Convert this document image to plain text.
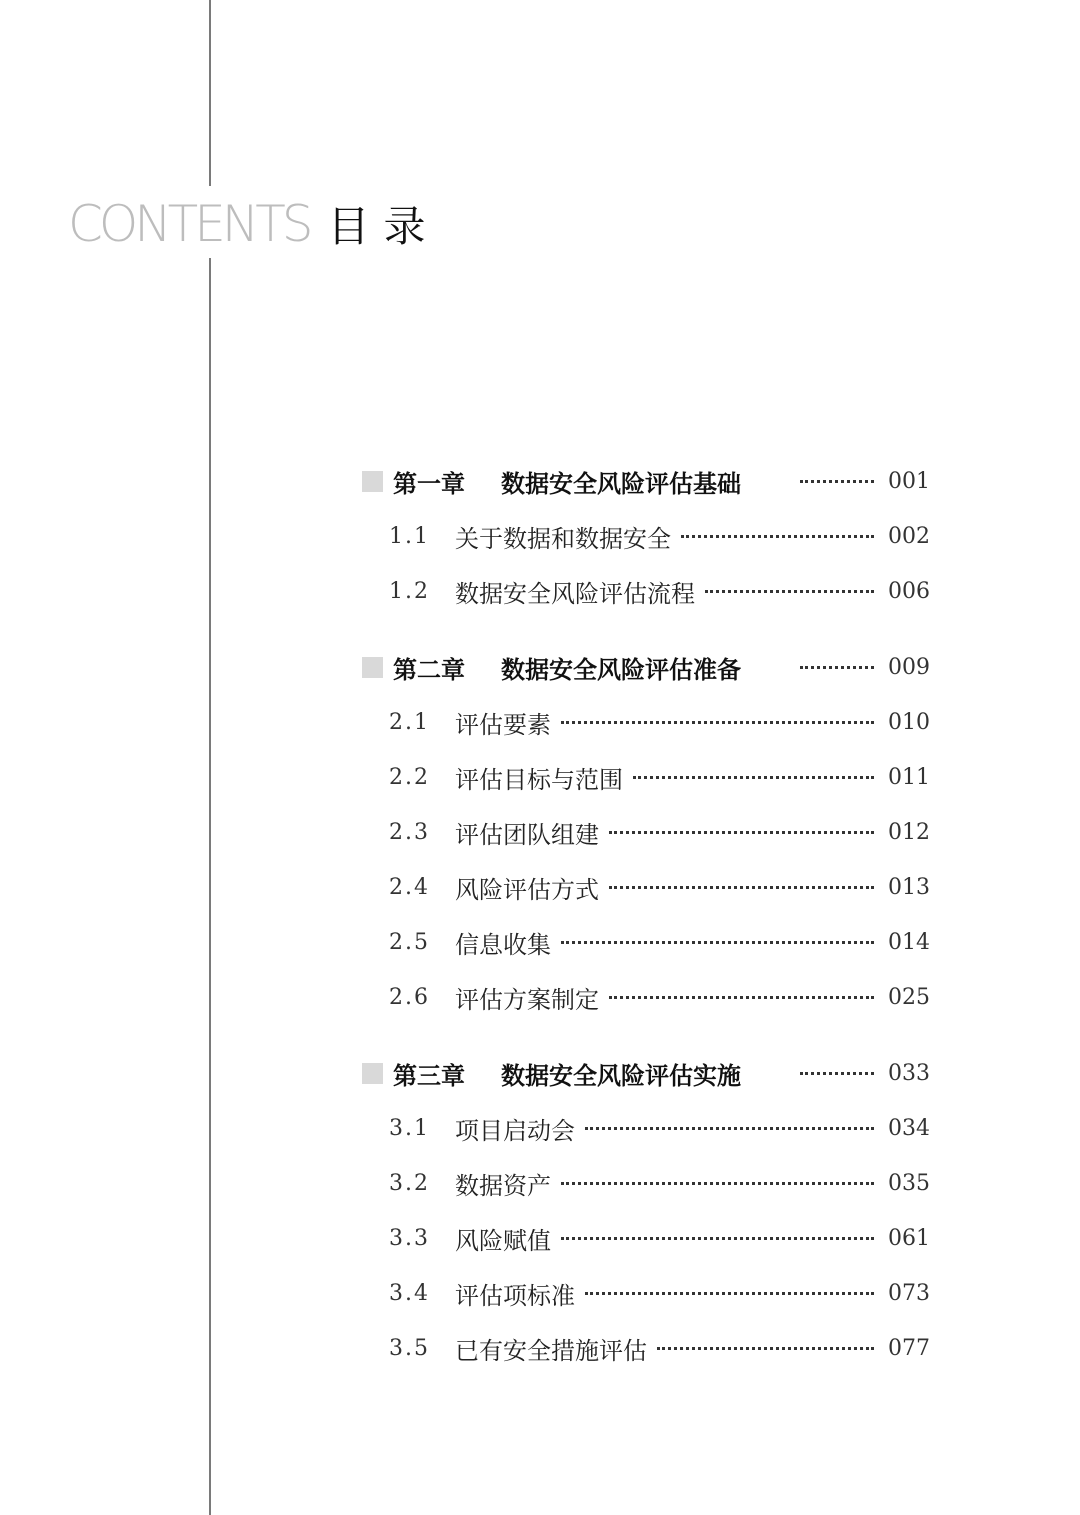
CONTENTS 目录
第一章	数据安全风险评估基础	001
1.1	关于数据和数据安全	002
1.2	数据安全风险评估流程	006
第二章	数据安全风险评估准备	009
2.1	评估要素	010
2.2	评估目标与范围	011
2.3	评估团队组建	012
2.4	风险评估方式	013
2.5	信息收集	014
2.6	评估方案制定	025
第三章	数据安全风险评估实施	033
3.1	项目启动会	034
3.2	数据资产	035
3.3	风险赋值	061
3.4	评估项标准	073
3.5	已有安全措施评估	077
